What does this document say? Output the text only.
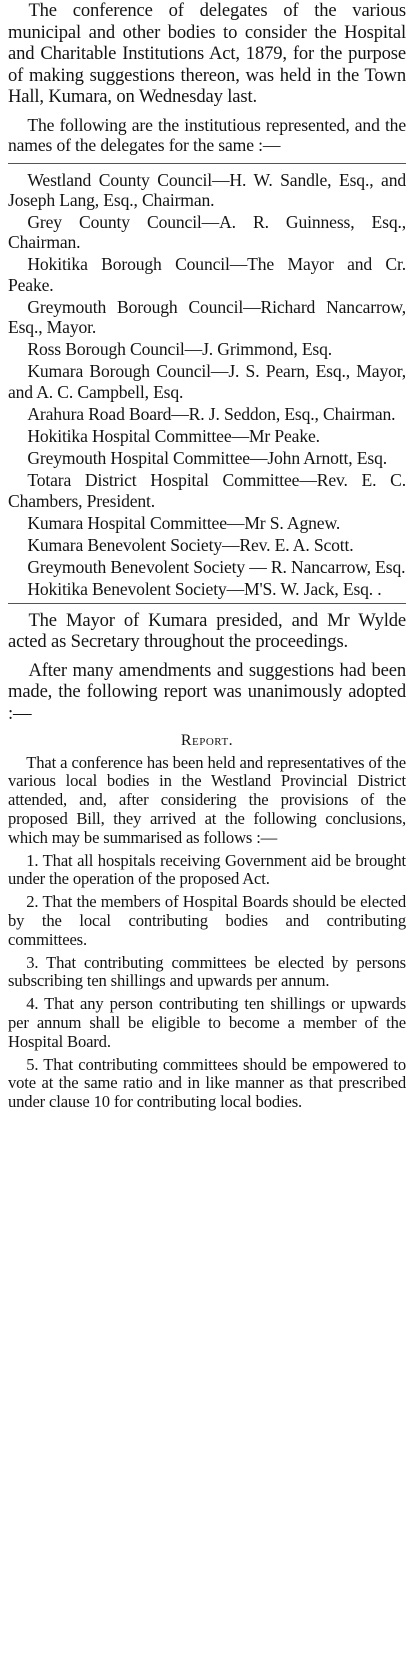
The conference of delegates of the various municipal and other bodies to consider the Hospital and Charitable Institutions Act, 1879, for the purpose of making suggestions thereon, was held in the Town Hall, Kumara, on Wednesday last.

The following are the institutious represented, and the names of the delegates for the same :—

Westland County Council—H. W. Sandle, Esq., and Joseph Lang, Esq., Chairman.

Grey County Council—A. R. Guinness, Esq., Chairman.

Hokitika Borough Council—The Mayor and Cr. Peake.

Greymouth Borough Council—Richard Nancarrow, Esq., Mayor.

Ross Borough Council—J. Grimmond, Esq.

Kumara Borough Council—J. S. Pearn, Esq., Mayor, and A. C. Campbell, Esq.

Arahura Road Board—R. J. Seddon, Esq., Chairman.

Hokitika Hospital Committee—Mr Peake.

Greymouth Hospital Committee—John Arnott, Esq.

Totara District Hospital Committee—Rev. E. C. Chambers, President.

Kumara Hospital Committee—Mr S. Agnew.

Kumara Benevolent Society—Rev. E. A. Scott.

Greymouth Benevolent Society — R. Nancarrow, Esq.

Hokitika Benevolent Society—M'S. W. Jack, Esq. .

The Mayor of Kumara presided, and Mr Wylde acted as Secretary throughout the proceedings.

After many amendments and suggestions had been made, the following report was unanimously adopted :—

Report.

That a conference has been held and representatives of the various local bodies in the Westland Provincial District attended, and, after considering the provisions of the proposed Bill, they arrived at the following conclusions, which may be summarised as follows :—

1. That all hospitals receiving Government aid be brought under the operation of the proposed Act.

2. That the members of Hospital Boards should be elected by the local contributing bodies and contributing committees.

3. That contributing committees be elected by persons subscribing ten shillings and upwards per annum.

4. That any person contributing ten shillings or upwards per annum shall be eligible to become a member of the Hospital Board.

5. That contributing committees should be empowered to vote at the same ratio and in like manner as that prescribed under clause 10 for contributing local bodies.
